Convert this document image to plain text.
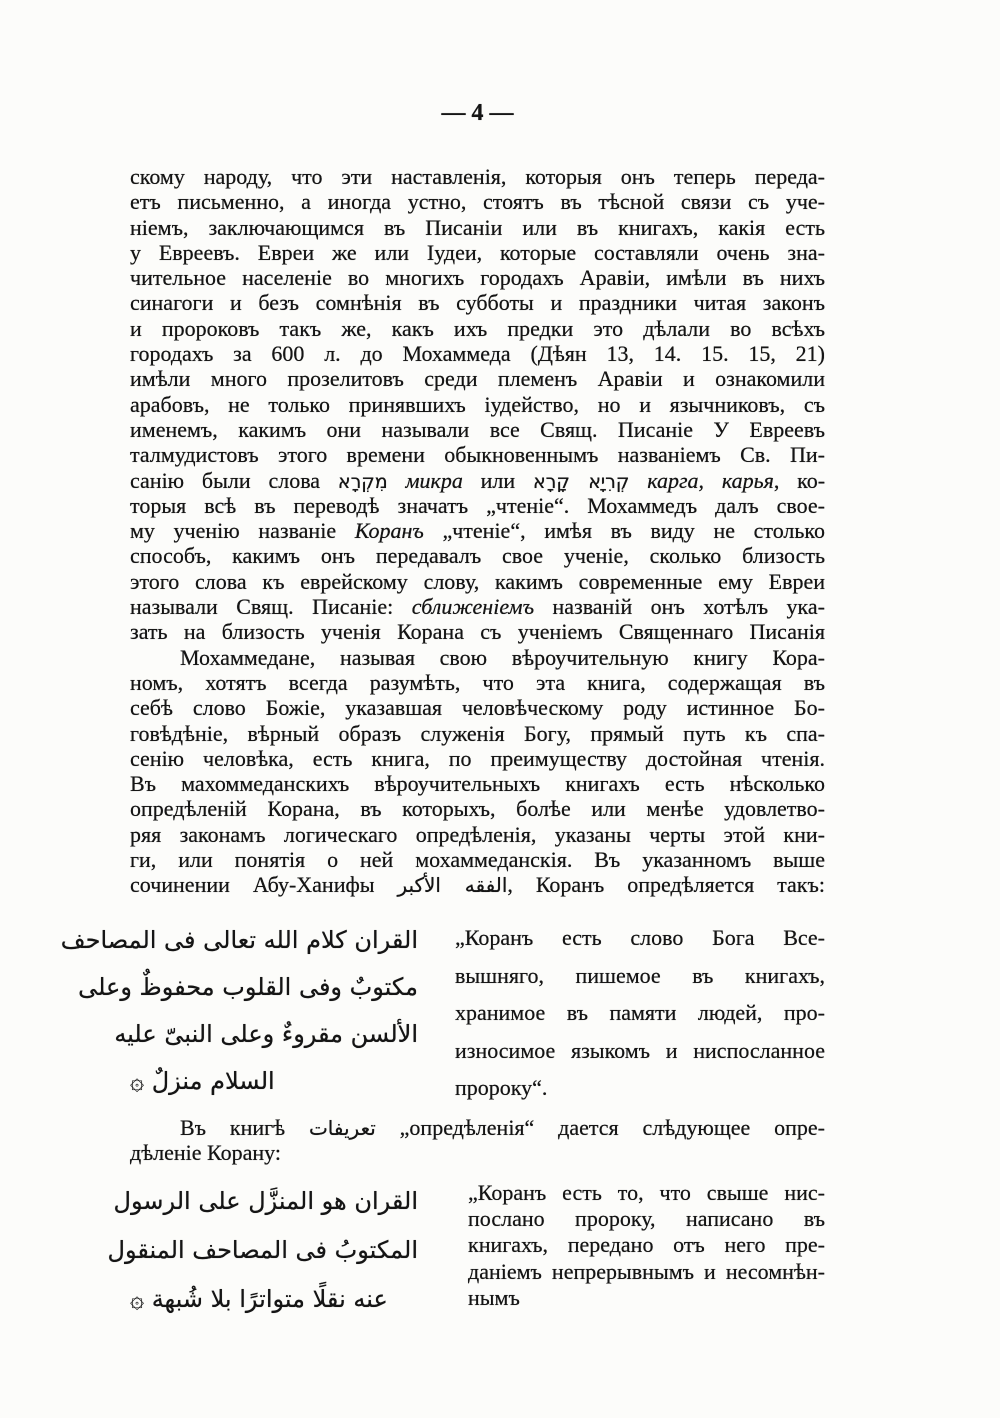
— 4 —
скому народу, что эти наставленія, которыя онъ теперь переда-
етъ письменно, а иногда устно, стоятъ въ тѣсной связи съ уче-
ніемъ, заключающимся въ Писаніи или въ книгахъ, какія есть
у Евреевъ. Евреи же или Іудеи, которые составляли очень зна-
чительное населеніе во многихъ городахъ Аравіи, имѣли въ нихъ
синагоги и безъ сомнѣнія въ субботы и праздники читая законъ
и пророковъ такъ же, какъ ихъ предки это дѣлали во всѣхъ
городахъ за 600 л. до Мохаммеда (Дѣян 13, 14. 15. 15, 21)
имѣли много прозелитовъ среди племенъ Аравіи и ознакомили
арабовъ, не только принявшихъ іудейство, но и язычниковъ, съ
именемъ, какимъ они называли все Свящ. Писаніе У Евреевъ
талмудистовъ этого времени обыкновеннымъ названіемъ Св. Пи-
санію были слова מִקְרָא микра или קְרִיָא קָרָא карга, карья, ко-
торыя всѣ въ переводѣ значатъ „чтеніе“. Мохаммедъ далъ свое-
му ученію названіе Коранъ „чтеніе“, имѣя въ виду не столько
способъ, какимъ онъ передавалъ свое ученіе, сколько близость
этого слова къ еврейскому слову, какимъ современные ему Евреи
называли Свящ. Писаніе: сближеніемъ названій онъ хотѣлъ ука-
зать на близость ученія Корана съ ученіемъ Священнаго Писанія
Мохаммедане, называя свою вѣроучительную книгу Кора-
номъ, хотятъ всегда разумѣть, что эта книга, содержащая въ
себѣ слово Божіе, указавшая человѣческому роду истинное Бо-
говѣдѣніе, вѣрный образъ служенія Богу, прямый путь къ спа-
сенію человѣка, есть книга, по преимуществу достойная чтенія.
Въ махоммеданскихъ вѣроучительныхъ книгахъ есть нѣсколько
опредѣленій Корана, въ которыхъ, болѣе или менѣе удовлетво-
ряя законамъ логическаго опредѣленія, указаны черты этой кни-
ги, или понятія о ней мохаммеданскія. Въ указанномъ выше
сочинении Абу-Ханифы الفقه الأكبر, Коранъ опредѣляется такъ:
القران كلام الله تعالى فى المصاحف
مكتوبٌ وفى القلوب محفوظٌ وعلى
الألسن مقروءٌ وعلى النبىّ عليه
السلام منزلٌ ۞
„Коранъ есть слово Бога Все-
вышняго, пишемое въ книгахъ,
хранимое въ памяти людей, про-
износимое языкомъ и ниспосланное
пророку“.
Въ книгѣ تعريفات „опредѣленія“ дается слѣдующее опре-
дѣленіе Корану:
القران هو المنزَّل على الرسول
المكتوبُ فى المصاحف المنقول
عنه نقلًا متواترًا بلا شُبهة ۞
„Коранъ есть то, что свыше нис-
послано пророку, написано въ
книгахъ, передано отъ него пре-
даніемъ непрерывнымъ и несомнѣн-
нымъ
